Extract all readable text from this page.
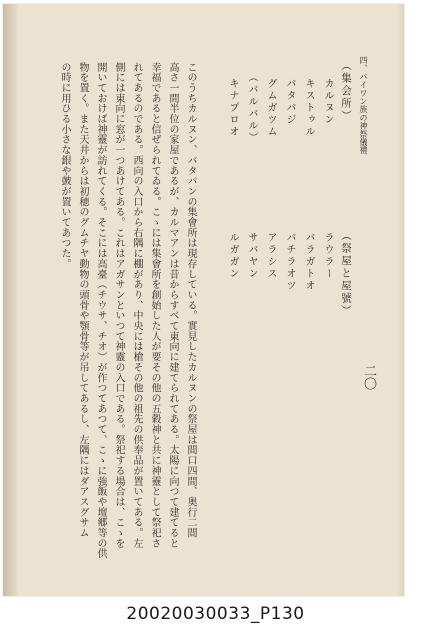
四、パイワン族の神祭儀禮
二〇
（集会所）
（祭屋と屋號）
カルヌン
キストゥル
バタバジ
グムガツム
（バルバル）
キナプロオ
ラウラー
バラガトオ
バチラオツ
アラシス
サバヤン
ルガガン
このうちカルヌン、バタバンの集會所は現存している。實見したカルヌンの祭屋は間口四間、奥行二間
高さ一間半位の家屋であるが、カルマアンは昔からすべて東向に建てられてある。太陽に向つて建てると
幸福であると信ぜられてゐる。こゝには集會所を創始した人が要その他の五穀神と共に神靈として祭祀さ
れてあるのである。西向の入口から右隅に棚があり、中央には槍その他の祖先の供奉品が置いてある。左
側には東向に窓が一つあけてある。これはアガサンといつて神靈の入口である。祭祀する場合は、こゝを
開いておけば神靈が訪れてくる。そこには高臺（チウサ、チオ）が作つてあつて、こゝに強飯や壇郷等の供
物を置く。また天井からは初穂のグムチヤ動物の頭骨や顎骨等が吊してあるし、左隅にはダアスグサム
の時に用ひる小さな銀や皷が置いてあつた。
20020030033_P130
